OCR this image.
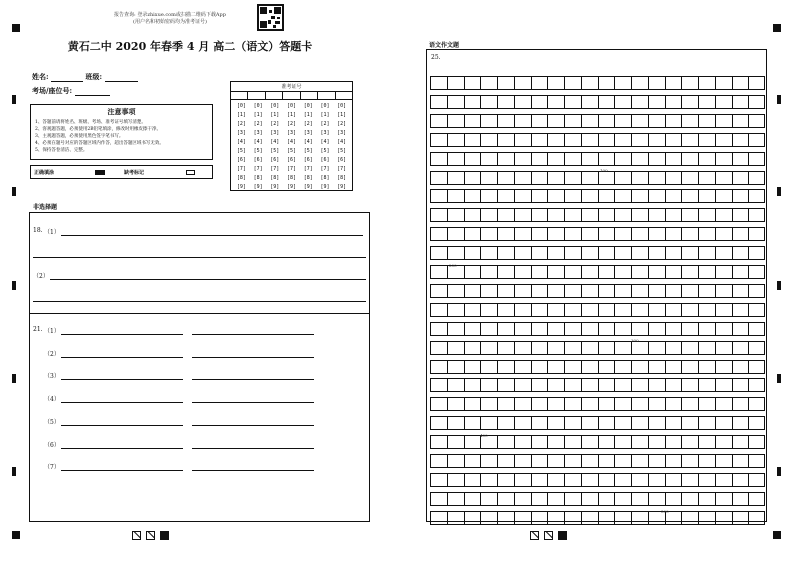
报告查询: 登录zhixue.com或扫描二维码下载App
(用户名和初始密码均为准考证号)
黄石二中 2020 年春季 4 月 高二（语文）答题卡
姓名:	班级:
考场/座位号:
注意事项

1、答题前请将姓名、班级、考场、准考证号填写清楚。

2、客观题答题，必须使用2B铅笔填涂，修改时用橡皮擦干净。

3、主观题答题，必须使用黑色签字笔书写。

4、必须在题号对应的答题区域内作答，超出答题区域书写无效。

5、保持答卷清洁、完整。

正确填涂	缺考标记
准考证号
[0]
[1]
[2]
[3]
[4]
[5]
[6]
[7]
[8]
[9]
[0]
[1]
[2]
[3]
[4]
[5]
[6]
[7]
[8]
[9]
[0]
[1]
[2]
[3]
[4]
[5]
[6]
[7]
[8]
[9]
[0]
[1]
[2]
[3]
[4]
[5]
[6]
[7]
[8]
[9]
[0]
[1]
[2]
[3]
[4]
[5]
[6]
[7]
[8]
[9]
[0]
[1]
[2]
[3]
[4]
[5]
[6]
[7]
[8]
[9]
[0]
[1]
[2]
[3]
[4]
[5]
[6]
[7]
[8]
[9]
非选择题
18. （1）
（2）
21. （1）
（2）
（3）
（4）
（5）
（6）
（7）
语文作文题
25.
100
200
300
400
500
